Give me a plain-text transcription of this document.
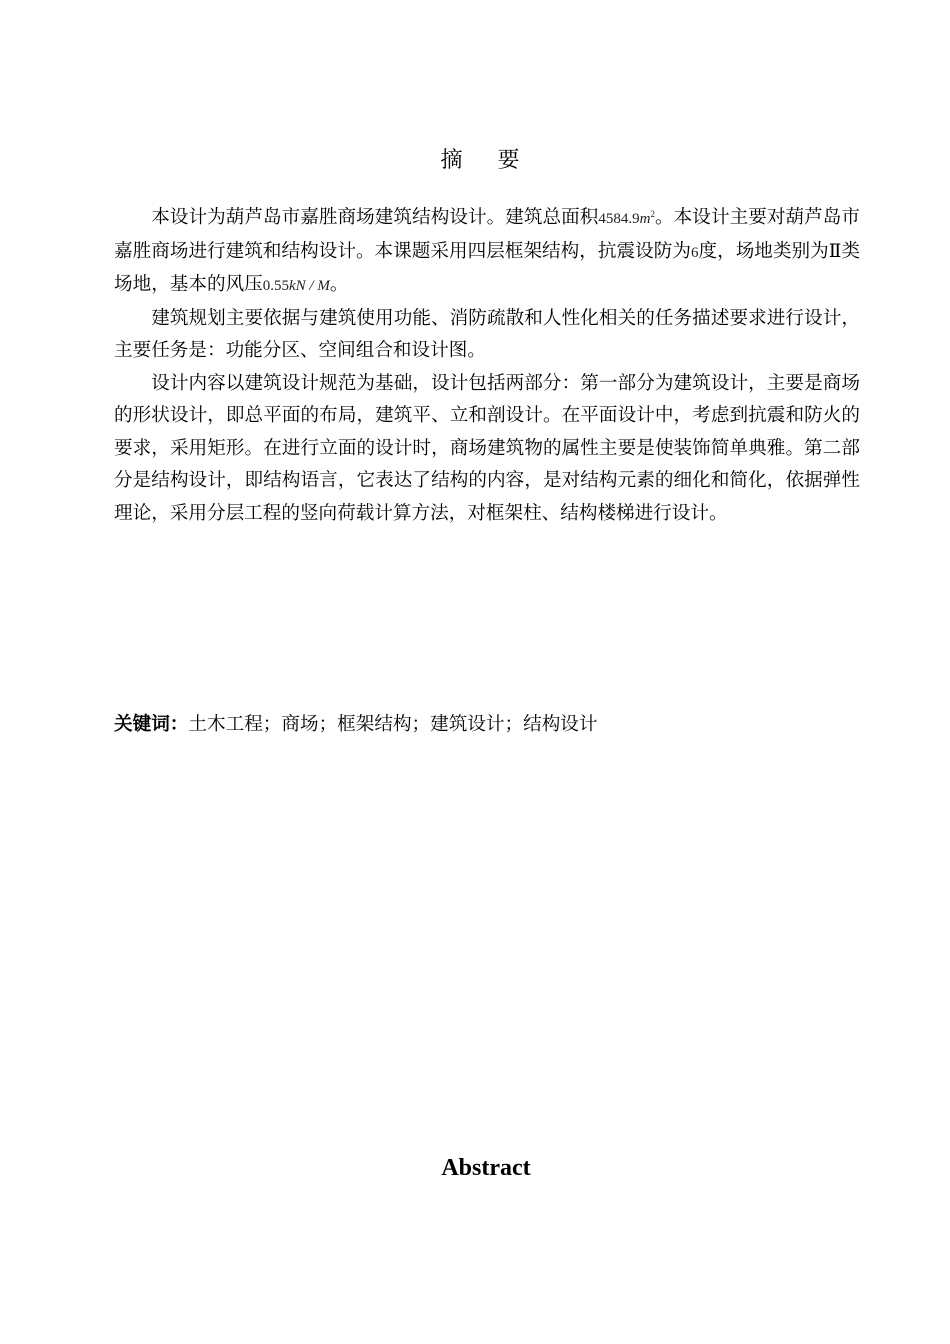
摘 要

本设计为葫芦岛市嘉胜商场建筑结构设计。建筑总面积$4584.9m^2$。本设计主要对葫芦岛市嘉胜商场进行建筑和结构设计。本课题采用四层框架结构，抗震设防为6度，场地类别为Ⅱ类场地，基本的风压0.55kN / M。

建筑规划主要依据与建筑使用功能、消防疏散和人性化相关的任务描述要求进行设计，主要任务是：功能分区、空间组合和设计图。

设计内容以建筑设计规范为基础，设计包括两部分：第一部分为建筑设计，主要是商场的形状设计，即总平面的布局，建筑平、立和剖设计。在平面设计中，考虑到抗震和防火的要求，采用矩形。在进行立面的设计时，商场建筑物的属性主要是使装饰简单典雅。第二部分是结构设计，即结构语言，它表达了结构的内容，是对结构元素的细化和简化，依据弹性理论，采用分层工程的竖向荷载计算方法，对框架柱、结构楼梯进行设计。

关键词：土木工程；商场；框架结构；建筑设计；结构设计
Abstract
